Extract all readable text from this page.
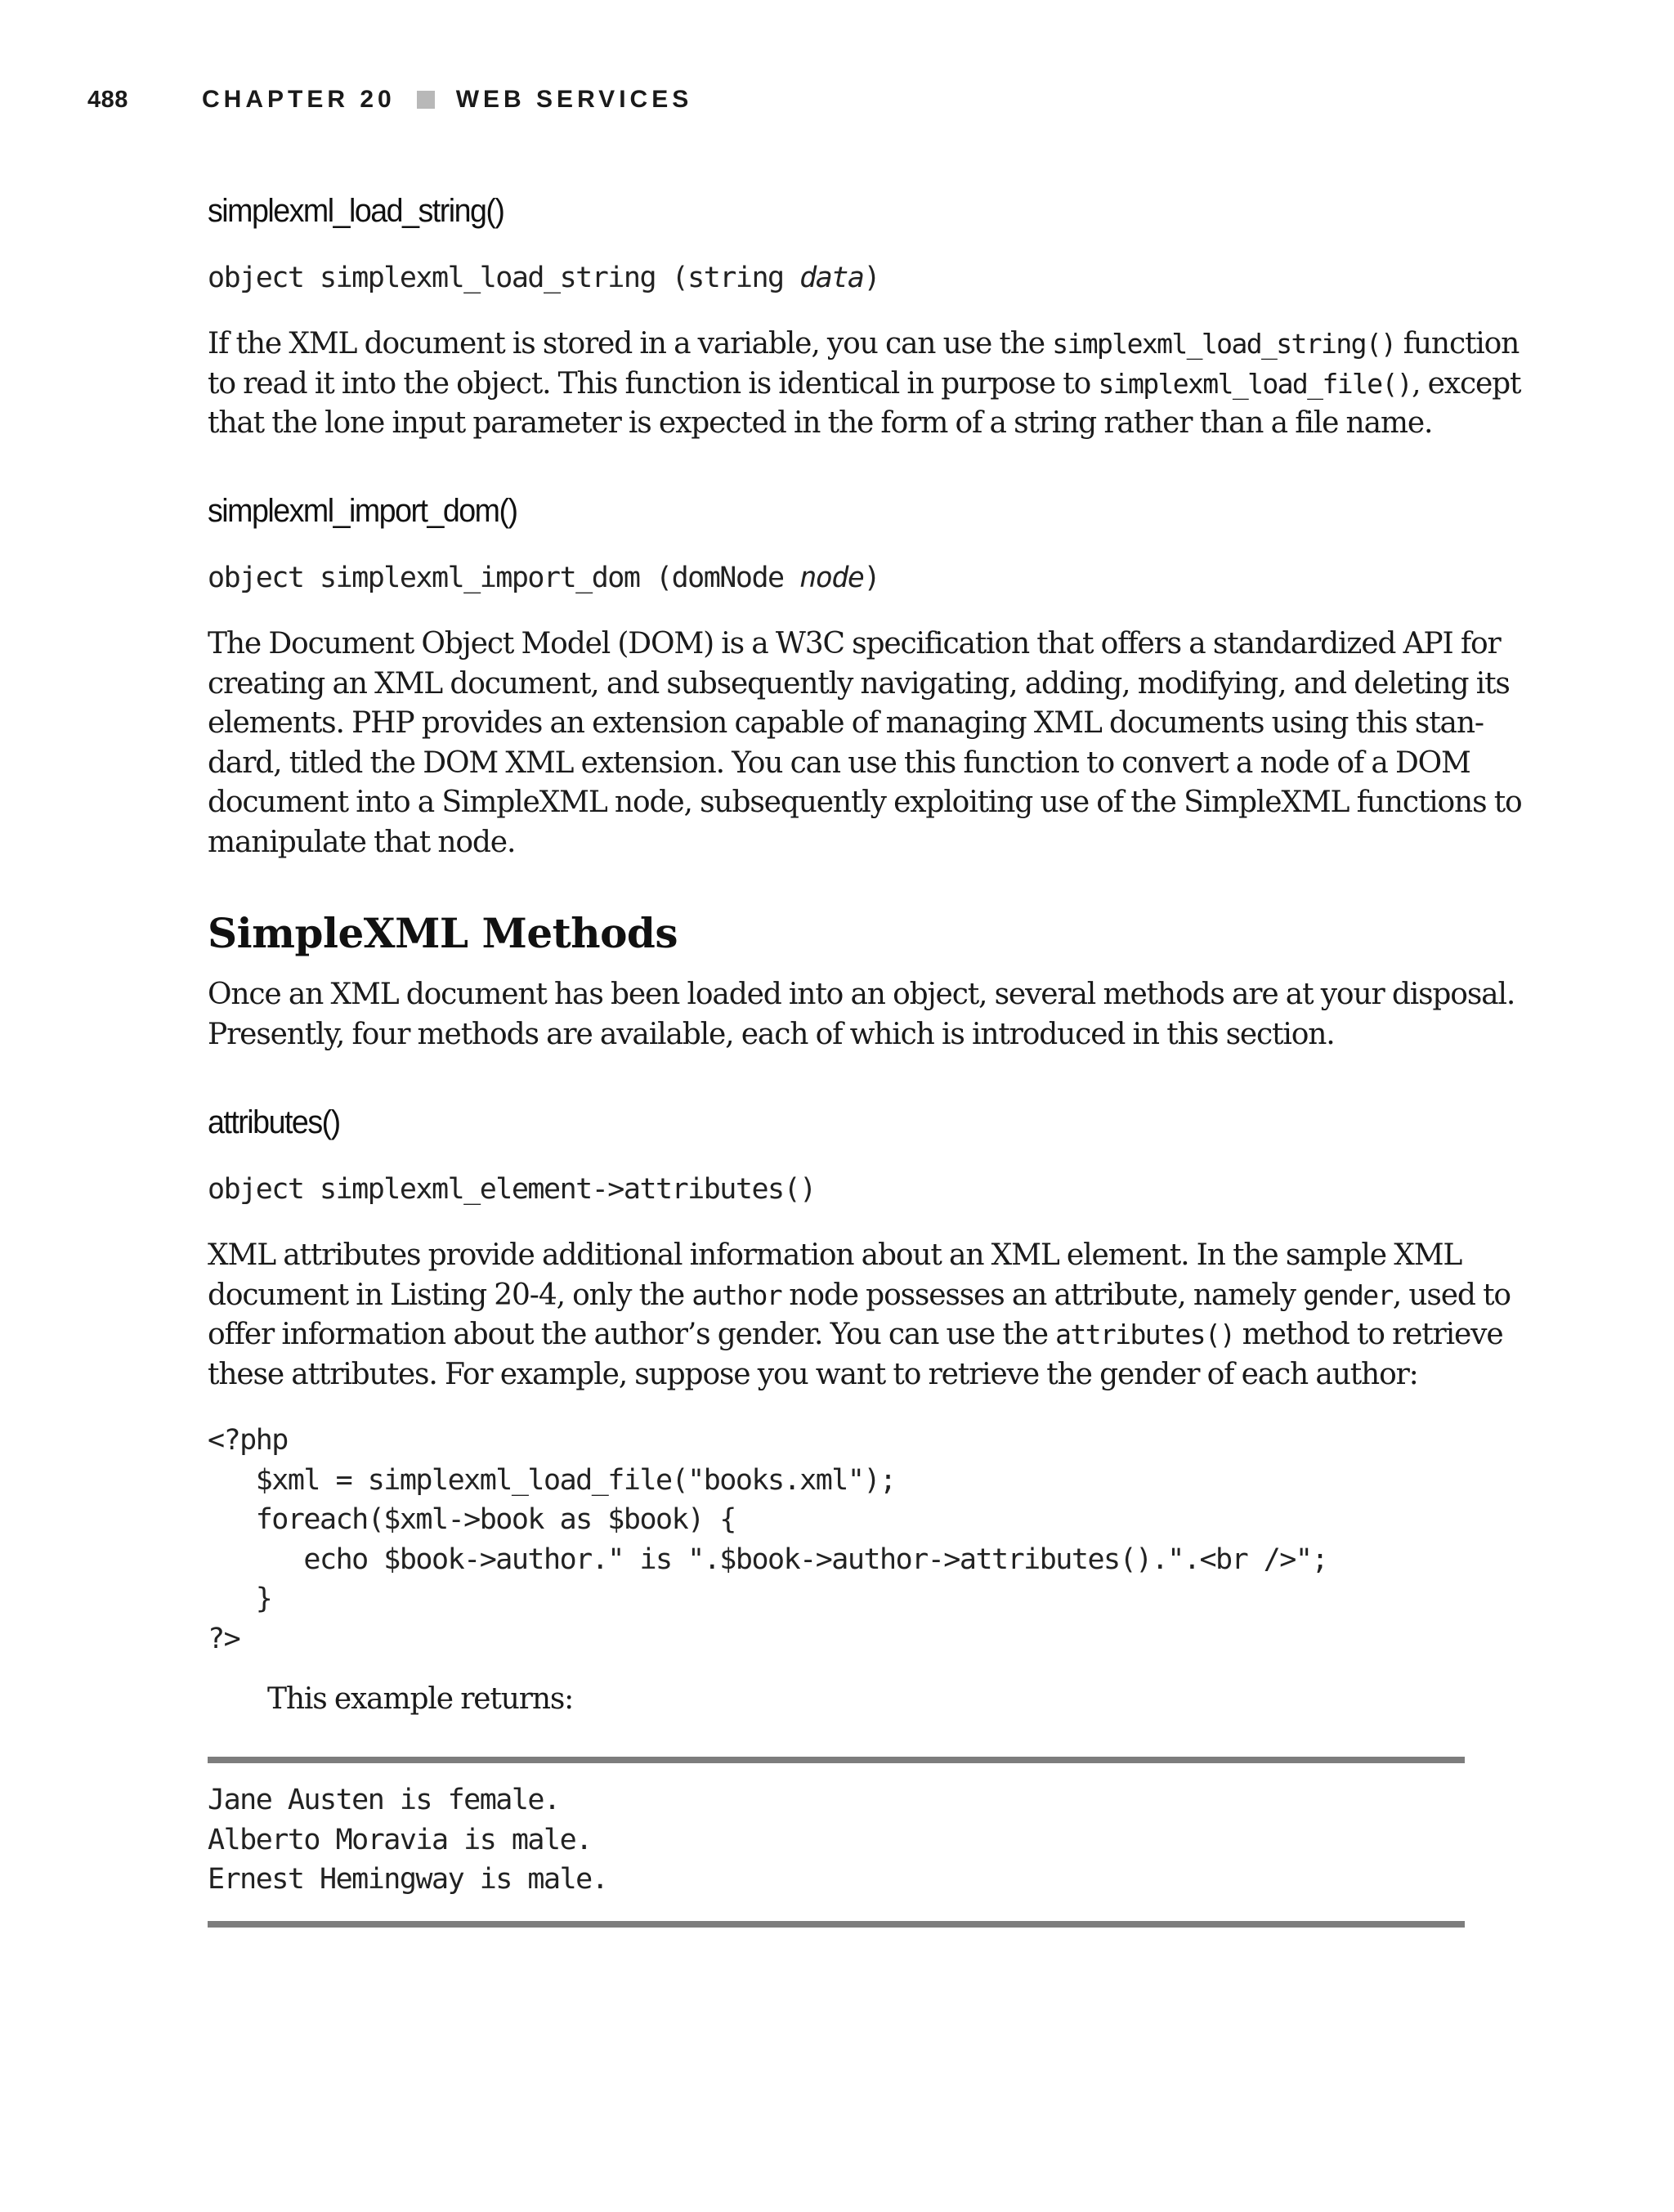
488	CHAPTER 20 WEB SERVICES
simplexml_load_string()
object simplexml_load_string (string data)
If the XML document is stored in a variable, you can use the simplexml_load_string() function
to read it into the object. This function is identical in purpose to simplexml_load_file(), except
that the lone input parameter is expected in the form of a string rather than a file name.
simplexml_import_dom()
object simplexml_import_dom (domNode node)
The Document Object Model (DOM) is a W3C specification that offers a standardized API for
creating an XML document, and subsequently navigating, adding, modifying, and deleting its
elements. PHP provides an extension capable of managing XML documents using this stan-
dard, titled the DOM XML extension. You can use this function to convert a node of a DOM
document into a SimpleXML node, subsequently exploiting use of the SimpleXML functions to
manipulate that node.
SimpleXML Methods
Once an XML document has been loaded into an object, several methods are at your disposal.
Presently, four methods are available, each of which is introduced in this section.
attributes()
object simplexml_element->attributes()
XML attributes provide additional information about an XML element. In the sample XML
document in Listing 20-4, only the author node possesses an attribute, namely gender, used to
offer information about the author’s gender. You can use the attributes() method to retrieve
these attributes. For example, suppose you want to retrieve the gender of each author:
<?php
$xml = simplexml_load_file("books.xml");
foreach($xml->book as $book) {
echo $book->author." is ".$book->author->attributes().".<br />";
}
?>
This example returns:
Jane Austen is female.
Alberto Moravia is male.
Ernest Hemingway is male.
